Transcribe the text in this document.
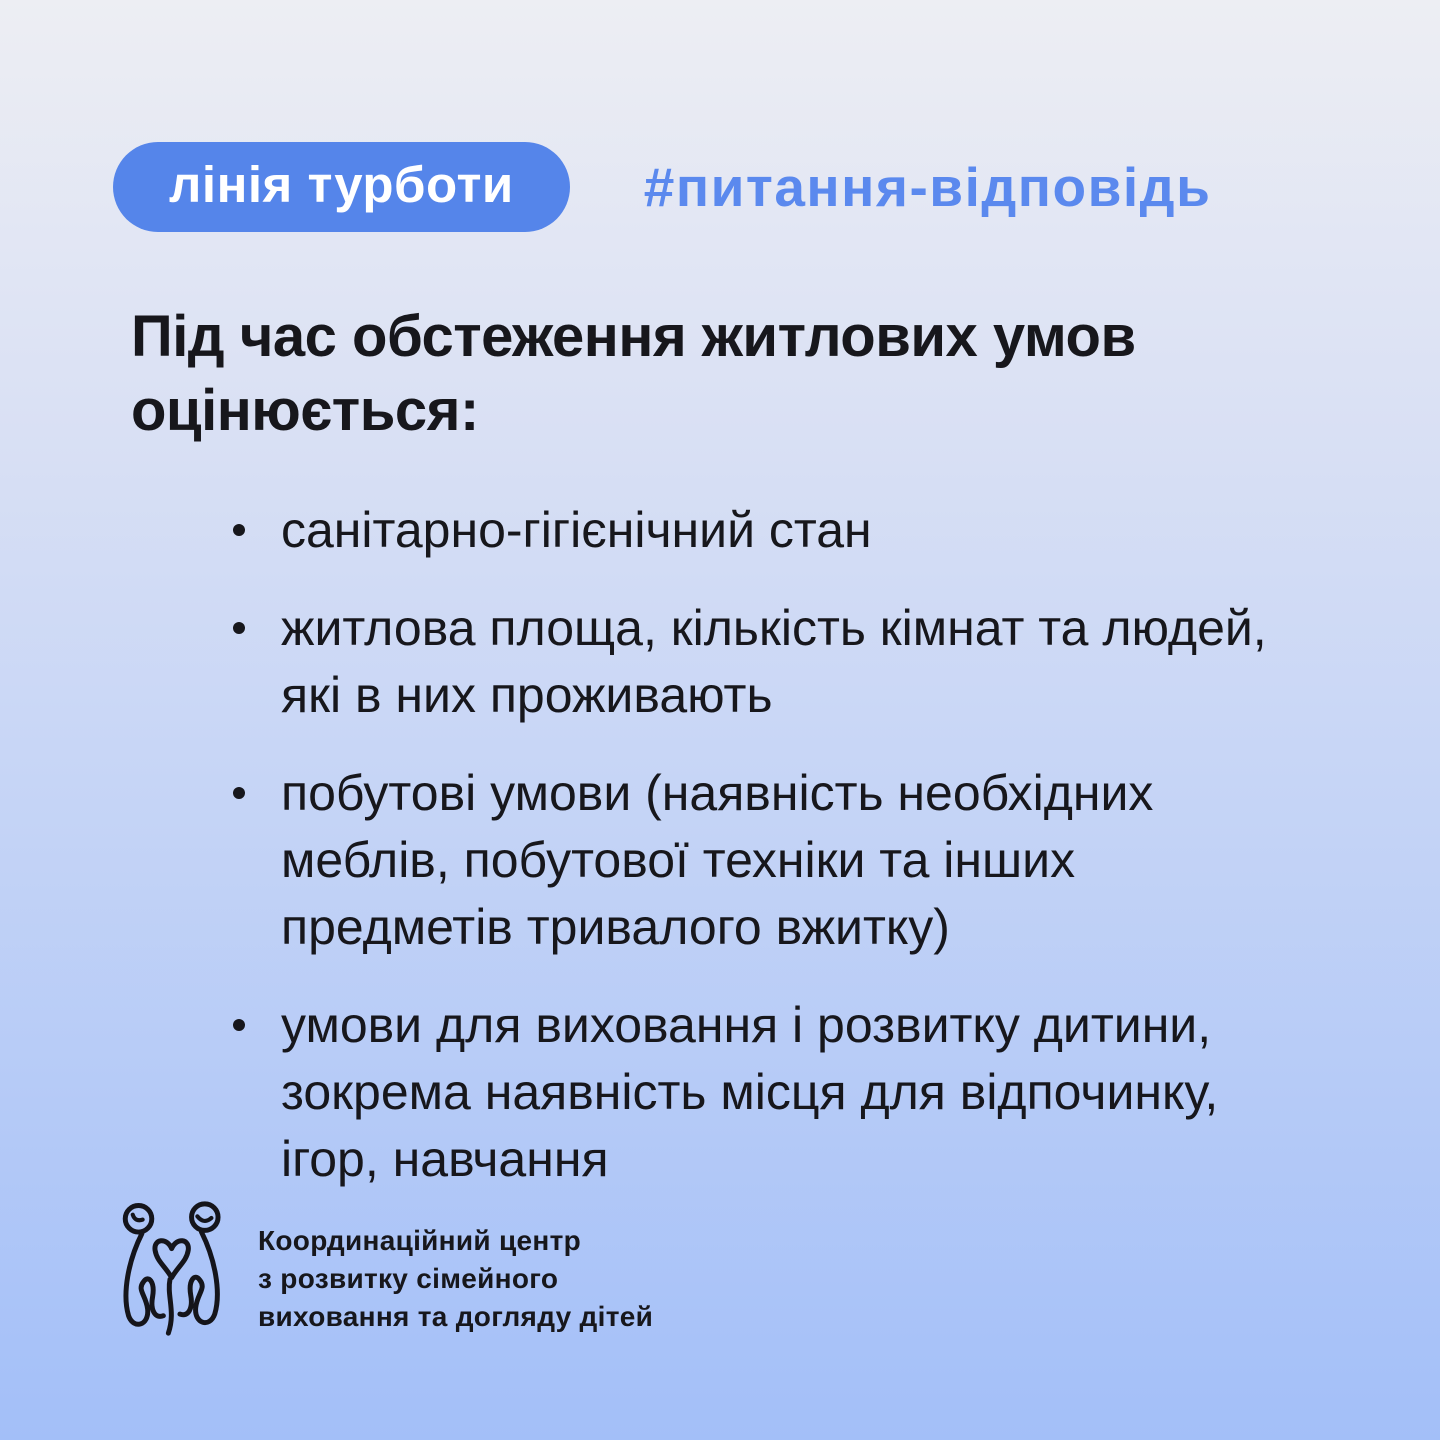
лінія турботи	#питання-відповідь
Під час обстеження житлових умов оцінюється:
санітарно-гігієнічний стан
житлова площа, кількість кімнат та людей, які в них проживають
побутові умови (наявність необхідних меблів, побутової техніки та інших предметів тривалого вжитку)
умови для виховання і розвитку дитини, зокрема наявність місця для відпочинку, ігор, навчання
Координаційний центр
з розвитку сімейного
виховання та догляду дітей
